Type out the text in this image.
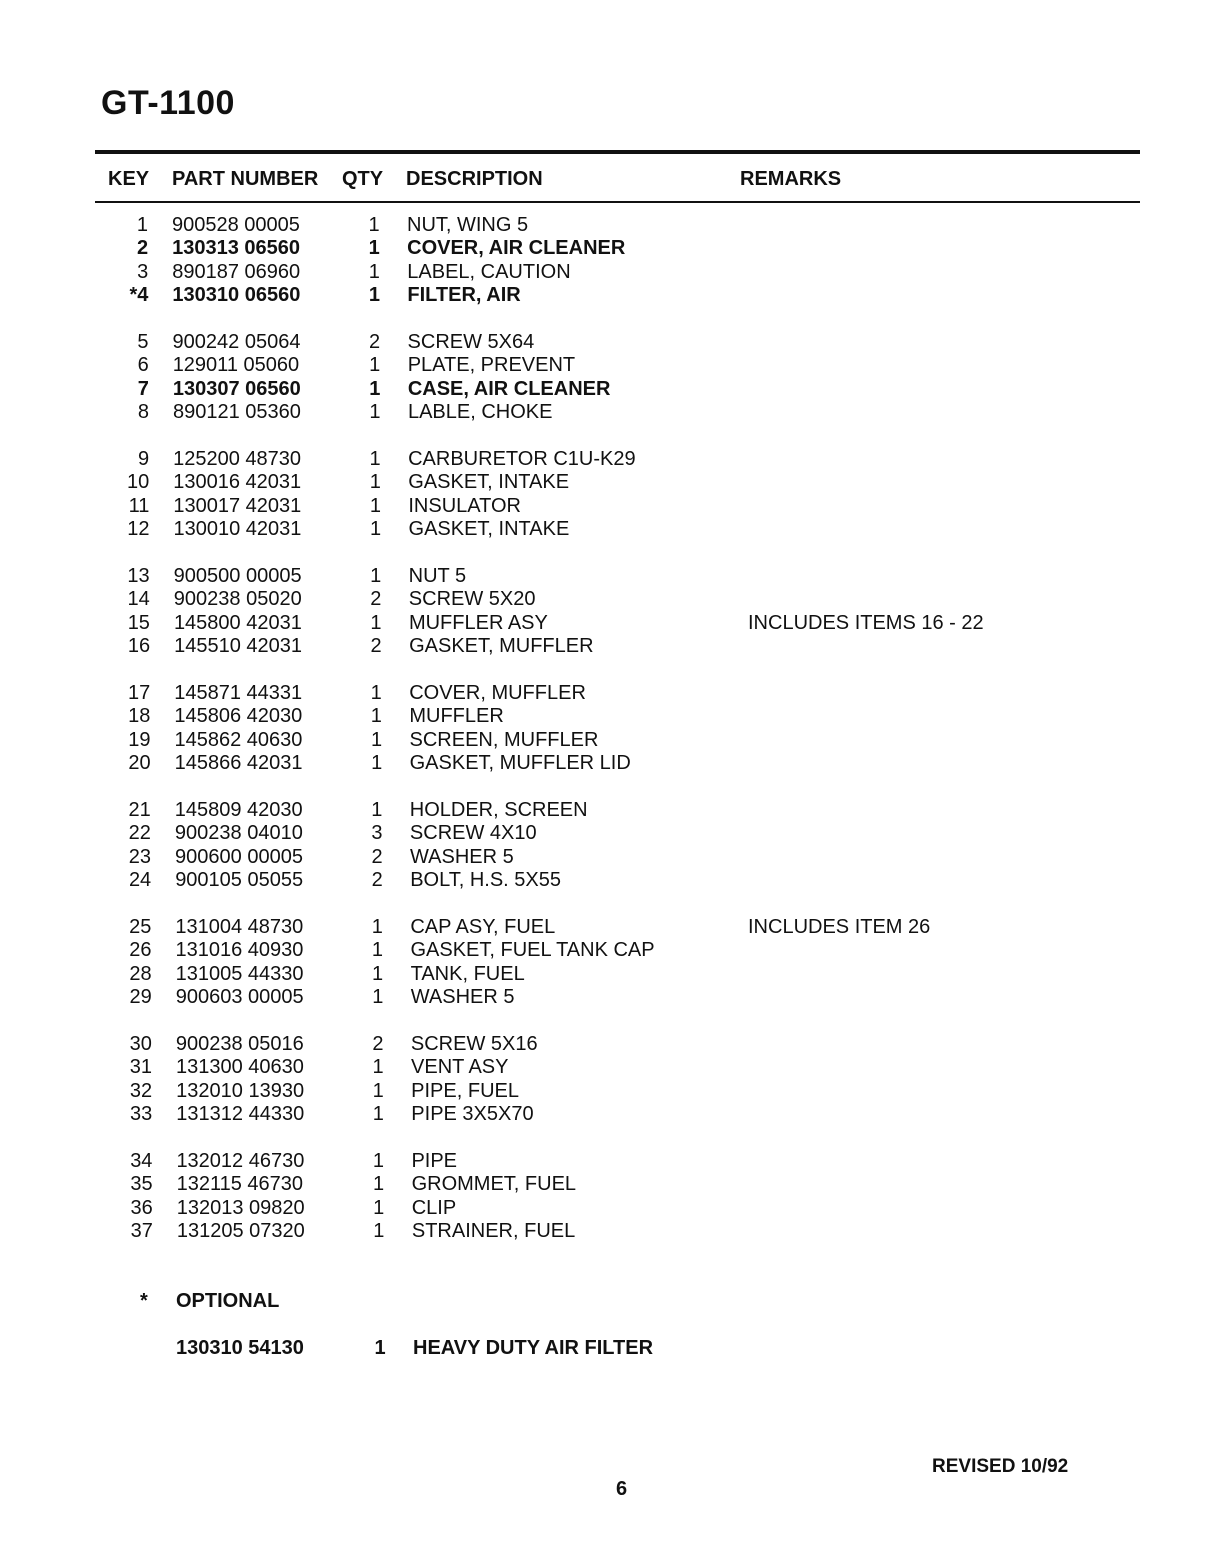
GT-1100
KEY PART NUMBER QTY DESCRIPTION	REMARKS
1 900528 00005	1 NUT, WING 5
2 130313 06560	1 COVER, AIR CLEANER
3 890187 06960	1 LABEL, CAUTION
*4 130310 06560	1 FILTER, AIR
5 900242 05064	2 SCREW 5X64
6 129011 05060	1 PLATE, PREVENT
7 130307 06560	1 CASE, AIR CLEANER
8 890121 05360	1 LABLE, CHOKE
9 125200 48730	1 CARBURETOR C1U-K29
10 130016 42031	1 GASKET, INTAKE
11 130017 42031	1 INSULATOR
12 130010 42031	1 GASKET, INTAKE
13 900500 00005	1 NUT 5
14 900238 05020	2 SCREW 5X20
15 145800 42031	1 MUFFLER ASY	INCLUDES ITEMS 16 - 22
16 145510 42031	2 GASKET, MUFFLER
17 145871 44331	1 COVER, MUFFLER
18 145806 42030	1 MUFFLER
19 145862 40630	1 SCREEN, MUFFLER
20 145866 42031	1 GASKET, MUFFLER LID
21 145809 42030	1 HOLDER, SCREEN
22 900238 04010	3 SCREW 4X10
23 900600 00005	2 WASHER 5
24 900105 05055	2 BOLT, H.S. 5X55
25 131004 48730	1 CAP ASY, FUEL	INCLUDES ITEM 26
26 131016 40930	1 GASKET, FUEL TANK CAP
28 131005 44330	1 TANK, FUEL
29 900603 00005	1 WASHER 5
30 900238 05016	2 SCREW 5X16
31 131300 40630	1 VENT ASY
32 132010 13930	1 PIPE, FUEL
33 131312 44330	1 PIPE 3X5X70
34 132012 46730	1 PIPE
35 132115 46730	1 GROMMET, FUEL
36 132013 09820	1 CLIP
37 131205 07320	1 STRAINER, FUEL
* OPTIONAL
130310 54130	1 HEAVY DUTY AIR FILTER
REVISED 10/92
6
